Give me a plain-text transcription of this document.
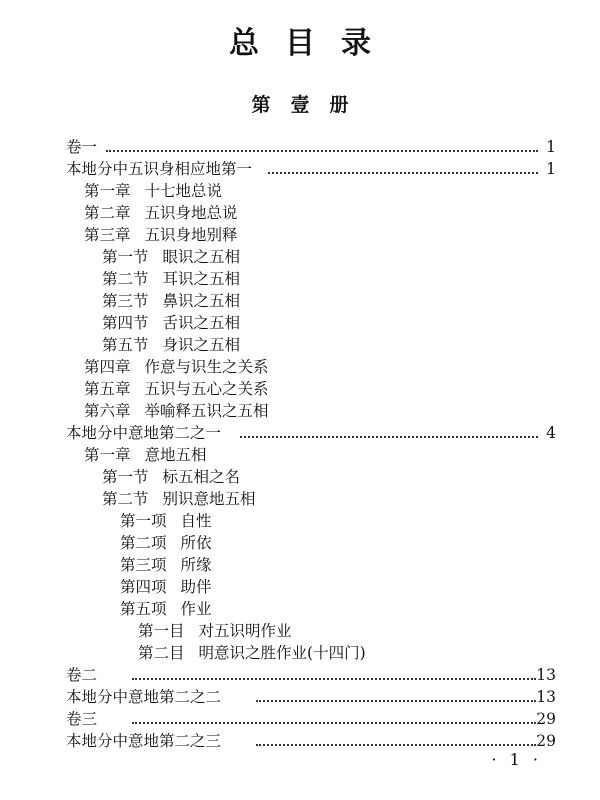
总目录
第壹册
卷一	1
本地分中五识身相应地第一	1
第一章 十七地总说
第二章 五识身地总说
第三章 五识身地别释
第一节 眼识之五相
第二节 耳识之五相
第三节 鼻识之五相
第四节 舌识之五相
第五节 身识之五相
第四章 作意与识生之关系
第五章 五识与五心之关系
第六章 举喻释五识之五相
本地分中意地第二之一	4
第一章 意地五相
第一节 标五相之名
第二节 别识意地五相
第一项 自性
第二项 所依
第三项 所缘
第四项 助伴
第五项 作业
第一目 对五识明作业
第二目 明意识之胜作业(十四门)
卷二	13
本地分中意地第二之二	13
卷三	29
本地分中意地第二之三	29
· 1 ·
